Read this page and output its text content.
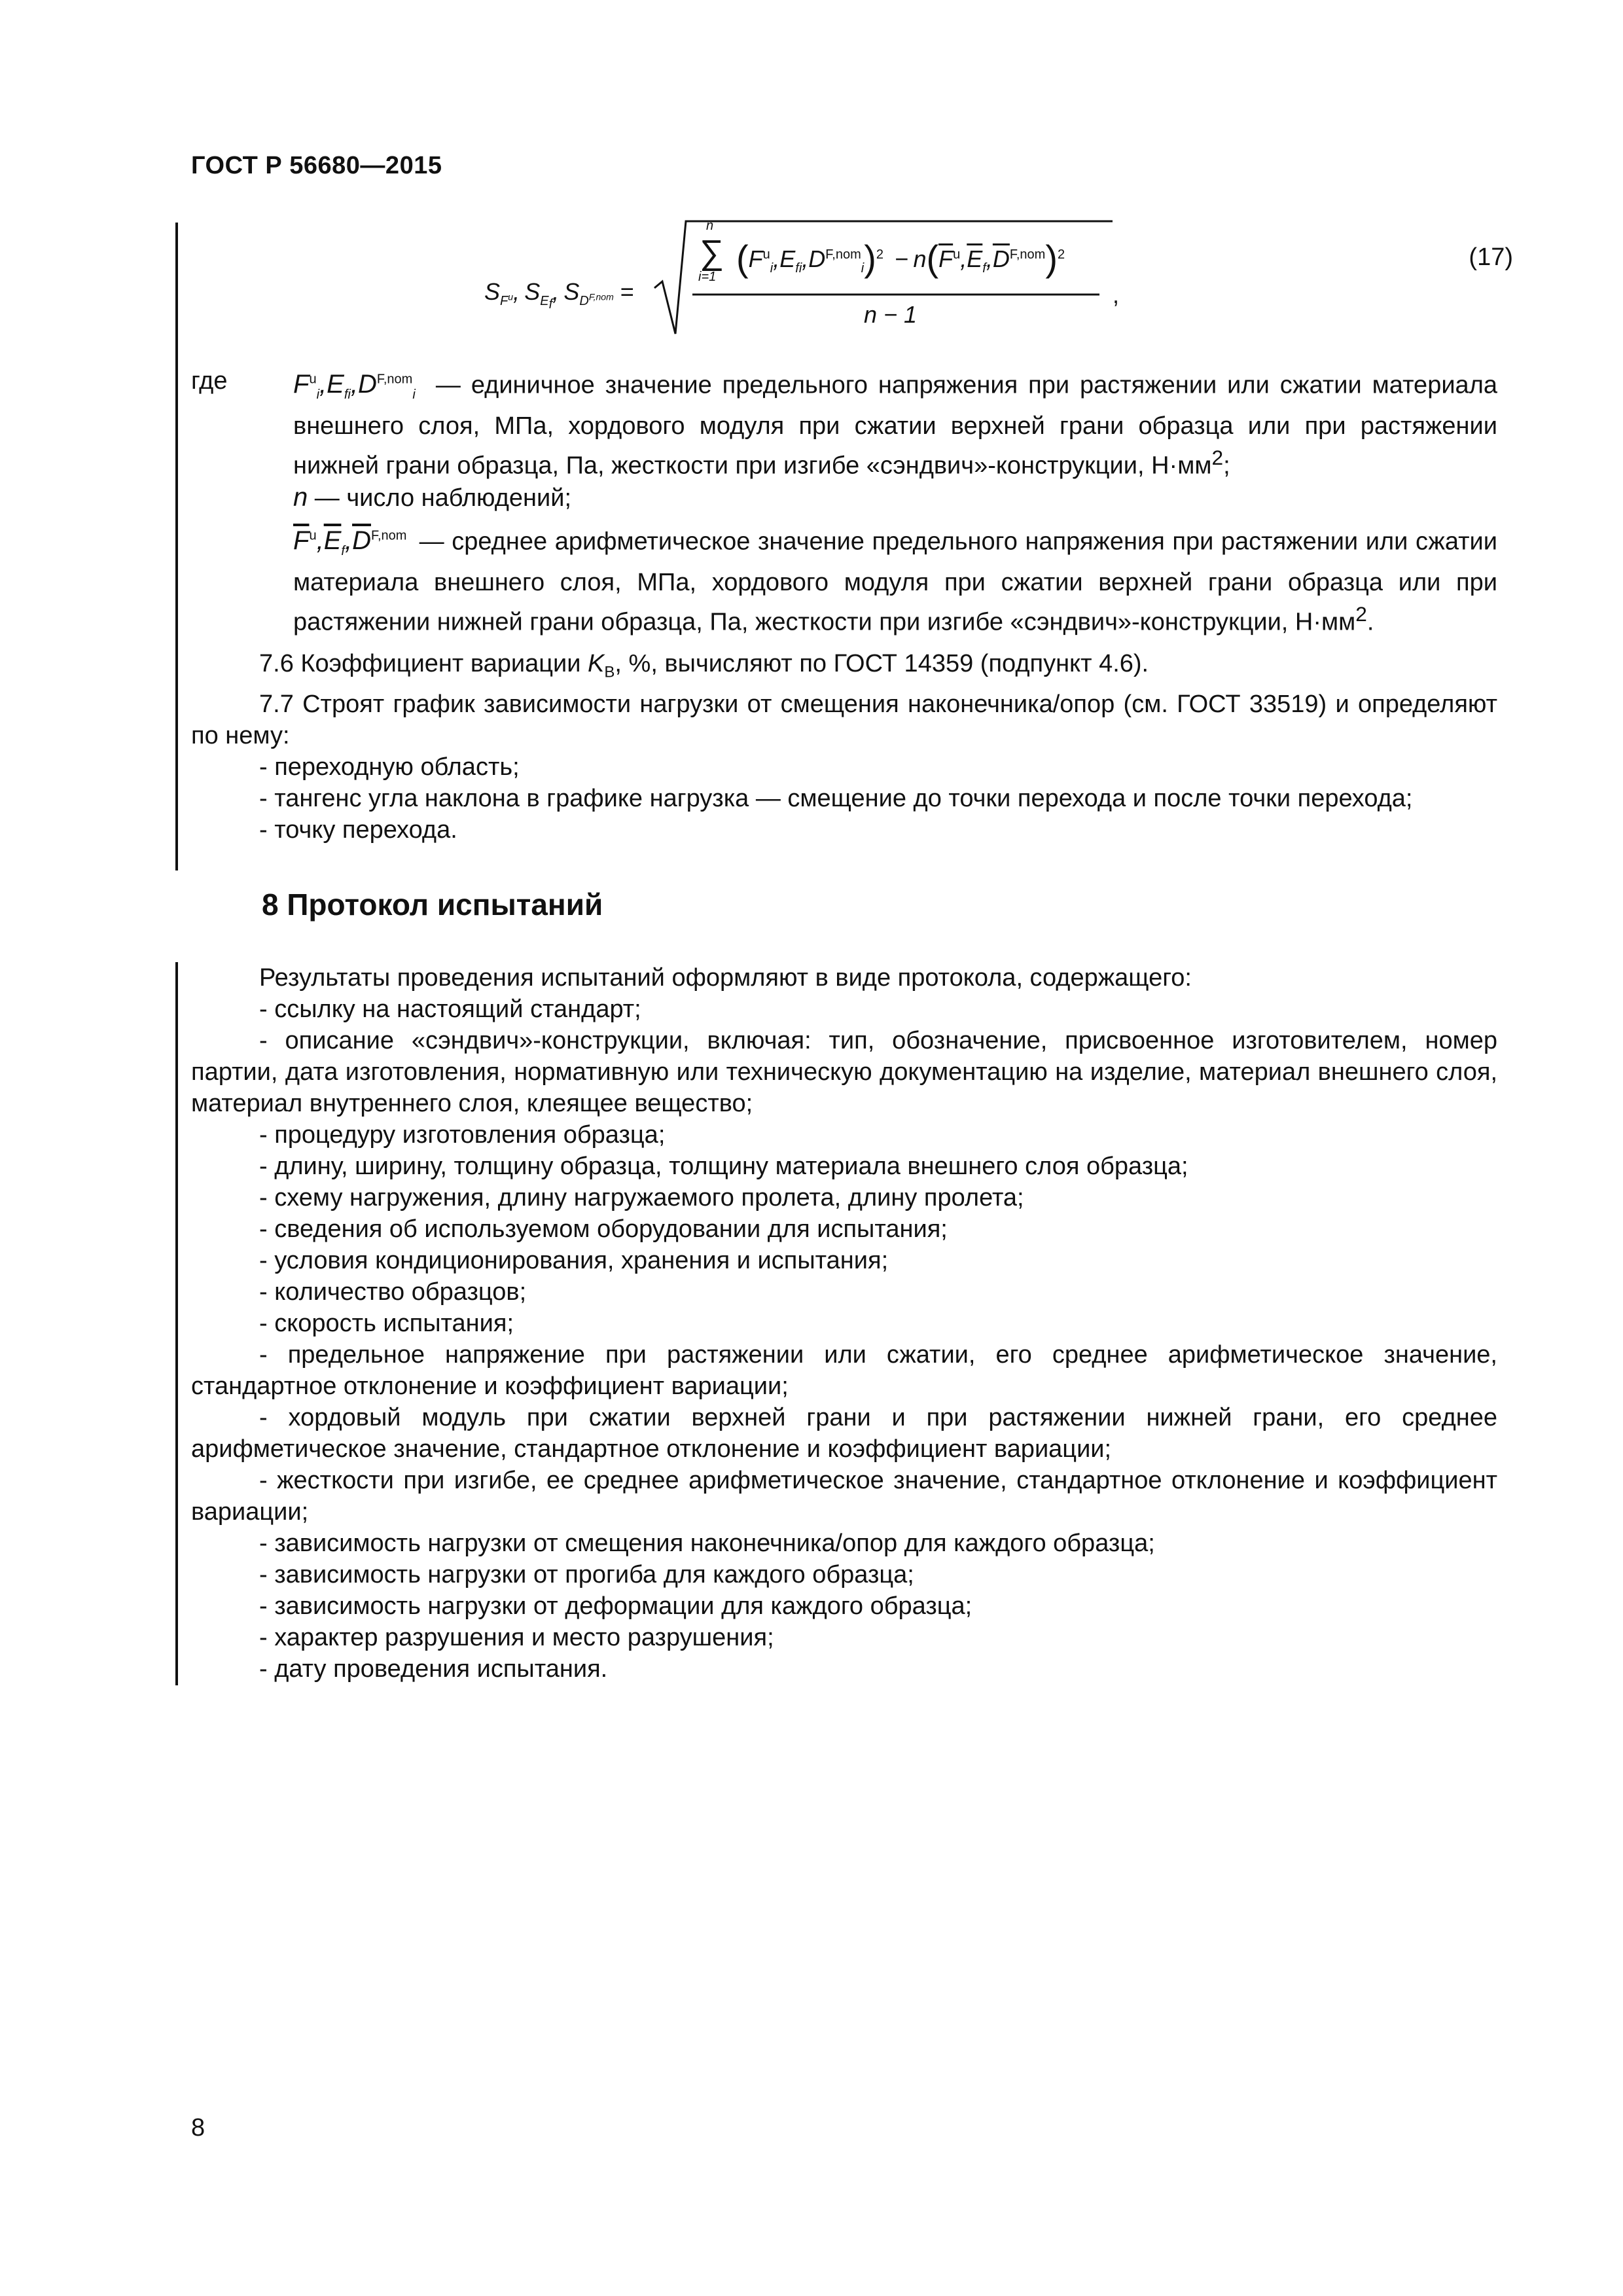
ГОСТ Р 56680—2015
$S_{F^u}$, $S_{E_f}$, $S_{D^{F,nom}}$ =
n
∑
i=1 $(F^u_i,E_{fi},D^{F,nom}_i)^2 - n(\overline{F}^u,\overline{E}_f,\overline{D}^{F,nom})^2$
n − 1
,
(17)
где	$F^u_i,E_{fi},D^{F,nom}_i$   — единичное значение предельного напряжения при растяжении или сжатии материала внешнего слоя, МПа, хордового модуля при сжатии верхней грани образца или при растяжении нижней грани образца, Па, жесткости при изгибе «сэндвич»-конструкции, $Н\cdot мм^2$;

n — число наблюдений;

$\overline{F}^u,\overline{E}_f,\overline{D}^{F,nom}$  — среднее арифметическое значение предельного напряжения при растяжении или сжатии материала внешнего слоя, МПа, хордового модуля при сжатии верхней грани образца или при растяжении нижней грани образца, Па, жесткости при изгибе «сэндвич»-конструкции, $Н\cdot мм^2$.

7.6 Коэффициент вариации $K_B$, %, вычисляют по ГОСТ 14359 (подпункт 4.6).

7.7 Строят график зависимости нагрузки от смещения наконечника/опор (см. ГОСТ 33519) и определяют по нему:

- переходную область;

- тангенс угла наклона в графике нагрузка — смещение до точки перехода и после точки перехода;

- точку перехода.

8 Протокол испытаний

Результаты проведения испытаний оформляют в виде протокола, содержащего:

- ссылку на настоящий стандарт;

- описание «сэндвич»-конструкции, включая: тип, обозначение, присвоенное изготовителем, номер партии, дата изготовления, нормативную или техническую документацию на изделие, материал внешнего слоя, материал внутреннего слоя, клеящее вещество;

- процедуру изготовления образца;

- длину, ширину, толщину образца, толщину материала внешнего слоя образца;

- схему нагружения, длину нагружаемого пролета, длину пролета;

- сведения об используемом оборудовании для испытания;

- условия кондиционирования, хранения и испытания;

- количество образцов;

- скорость испытания;

- предельное напряжение при растяжении или сжатии, его среднее арифметическое значение, стандартное отклонение и коэффициент вариации;

- хордовый модуль при сжатии верхней грани и при растяжении нижней грани, его среднее арифметическое значение, стандартное отклонение и коэффициент вариации;

- жесткости при изгибе, ее среднее арифметическое значение, стандартное отклонение и коэффициент вариации;

- зависимость нагрузки от смещения наконечника/опор для каждого образца;

- зависимость нагрузки от прогиба для каждого образца;

- зависимость нагрузки от деформации для каждого образца;

- характер разрушения и место разрушения;

- дату проведения испытания.

8
